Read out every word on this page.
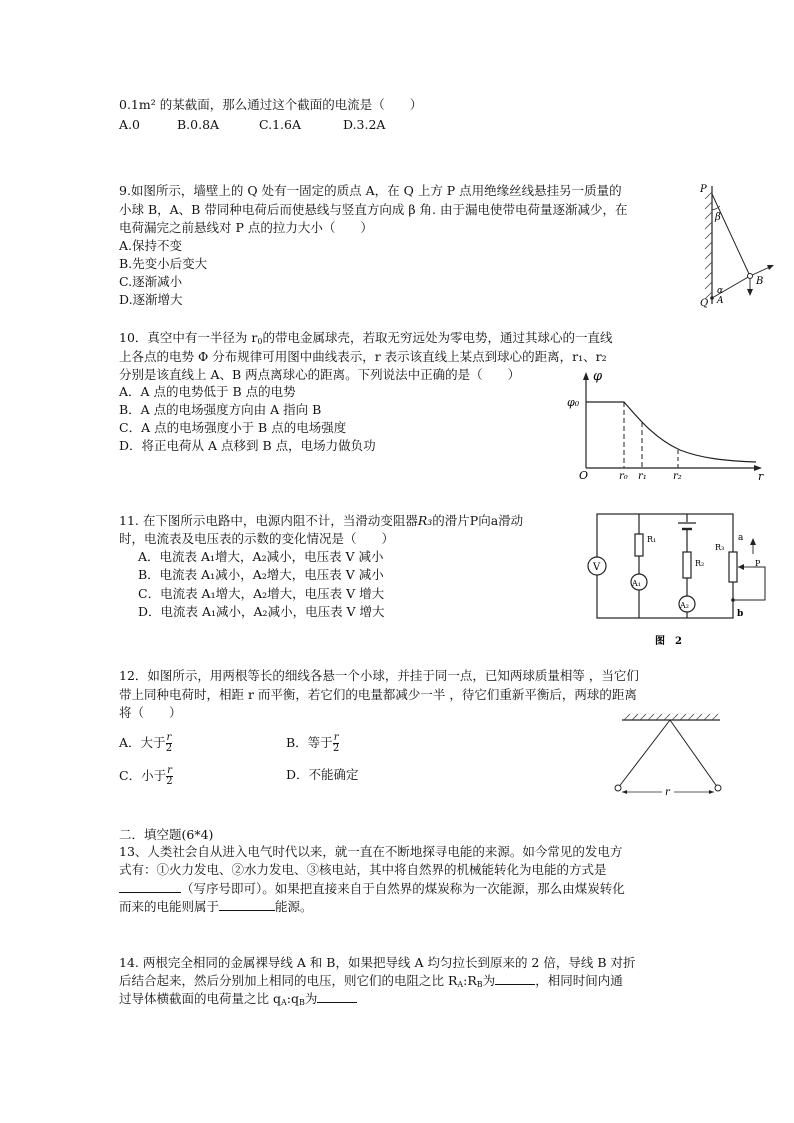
0.1m² 的某截面，那么通过这个截面的电流是（　　）
A.0	B.0.8A	C.1.6A	D.3.2A
9.如图所示，墙壁上的 Q 处有一固定的质点 A，在 Q 上方 P 点用绝缘丝线悬挂另一质量的
小球 B，A、B 带同种电荷后而使悬线与竖直方向成 β 角. 由于漏电使带电荷量逐渐减少，在
电荷漏完之前悬线对 P 点的拉力大小（　　）
A.保持不变
B.先变小后变大
C.逐渐减小
D.逐渐增大
P
β
B
α
A
Q
10．真空中有一半径为 $r_0$的带电金属球壳，若取无穷远处为零电势，通过其球心的一直线
上各点的电势 Φ 分布规律可用图中曲线表示，r 表示该直线上某点到球心的距离，r₁、r₂
分别是该直线上 A、B 两点离球心的距离。下列说法中正确的是（　　）
A．A 点的电势低于 B 点的电势
B．A 点的电场强度方向由 A 指向 B
C．A 点的电场强度小于 B 点的电场强度
D．将正电荷从 A 点移到 B 点，电场力做负功
φ
φ₀
O	r₀ r₁	r₂	r
11. 在下图所示电路中，电源内阻不计，当滑动变阻器R₃的滑片P向a滑动
时，电流表及电压表的示数的变化情况是（　　）
A．电流表 A₁增大，A₂减小，电压表 V 减小
B．电流表 A₁减小，A₂增大，电压表 V 减小
C．电流表 A₁增大，A₂增大，电压表 V 增大
D．电流表 A₁减小，A₂减小，电压表 V 增大
V
R₁
A₁
R₂
A₂
R₃
a
P
b
图　2
12．如图所示，用两根等长的细线各悬一个小球，并挂于同一点，已知两球质量相等 ，当它们
带上同种电荷时，相距 r 而平衡，若它们的电量都减少一半 ，待它们重新平衡后，两球的距离
将（　　）
A．大于 $\frac{r}{2}$	B．等于 $\frac{r}{2}$
C．小于 $\frac{r}{2}$	D．不能确定
r
二．填空题(6*4)
13、人类社会自从进入电气时代以来，就一直在不断地探寻电能的来源。如今常见的发电方
式有：①火力发电、②水力发电、③核电站，其中将自然界的机械能转化为电能的方式是
（写序号即可）。如果把直接来自于自然界的煤炭称为一次能源，那么由煤炭转化
而来的电能则属于	能源。
14. 两根完全相同的金属裸导线 A 和 B，如果把导线 A 均匀拉长到原来的 2 倍，导线 B 对折
后结合起来，然后分别加上相同的电压，则它们的电阻之比 $R_A:R_B$为	，相同时间内通
过导体横截面的电荷量之比 $q_A:q_B$为
